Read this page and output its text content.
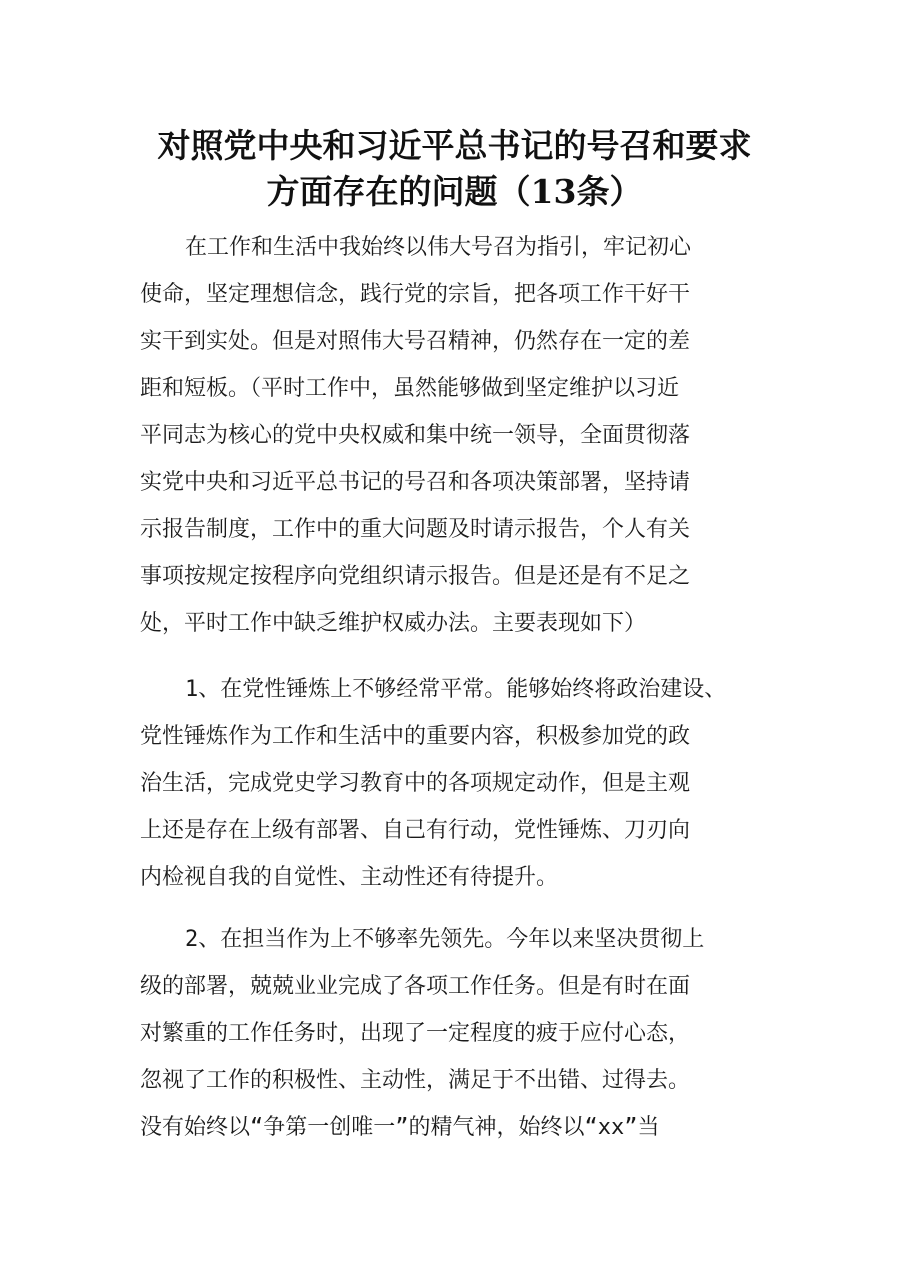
对照党中央和习近平总书记的号召和要求
方面存在的问题（13条）
在工作和生活中我始终以伟大号召为指引，牢记初心
使命，坚定理想信念，践行党的宗旨，把各项工作干好干
实干到实处。但是对照伟大号召精神，仍然存在一定的差
距和短板。（平时工作中，虽然能够做到坚定维护以习近
平同志为核心的党中央权威和集中统一领导，全面贯彻落
实党中央和习近平总书记的号召和各项决策部署，坚持请
示报告制度，工作中的重大问题及时请示报告，个人有关
事项按规定按程序向党组织请示报告。但是还是有不足之
处，平时工作中缺乏维护权威办法。主要表现如下）
1、在党性锤炼上不够经常平常。能够始终将政治建设、
党性锤炼作为工作和生活中的重要内容，积极参加党的政
治生活，完成党史学习教育中的各项规定动作，但是主观
上还是存在上级有部署、自己有行动，党性锤炼、刀刃向
内检视自我的自觉性、主动性还有待提升。
2、在担当作为上不够率先领先。今年以来坚决贯彻上
级的部署，兢兢业业完成了各项工作任务。但是有时在面
对繁重的工作任务时，出现了一定程度的疲于应付心态，
忽视了工作的积极性、主动性，满足于不出错、过得去。
没有始终以“争第一创唯一”的精气神，始终以“xx”当
